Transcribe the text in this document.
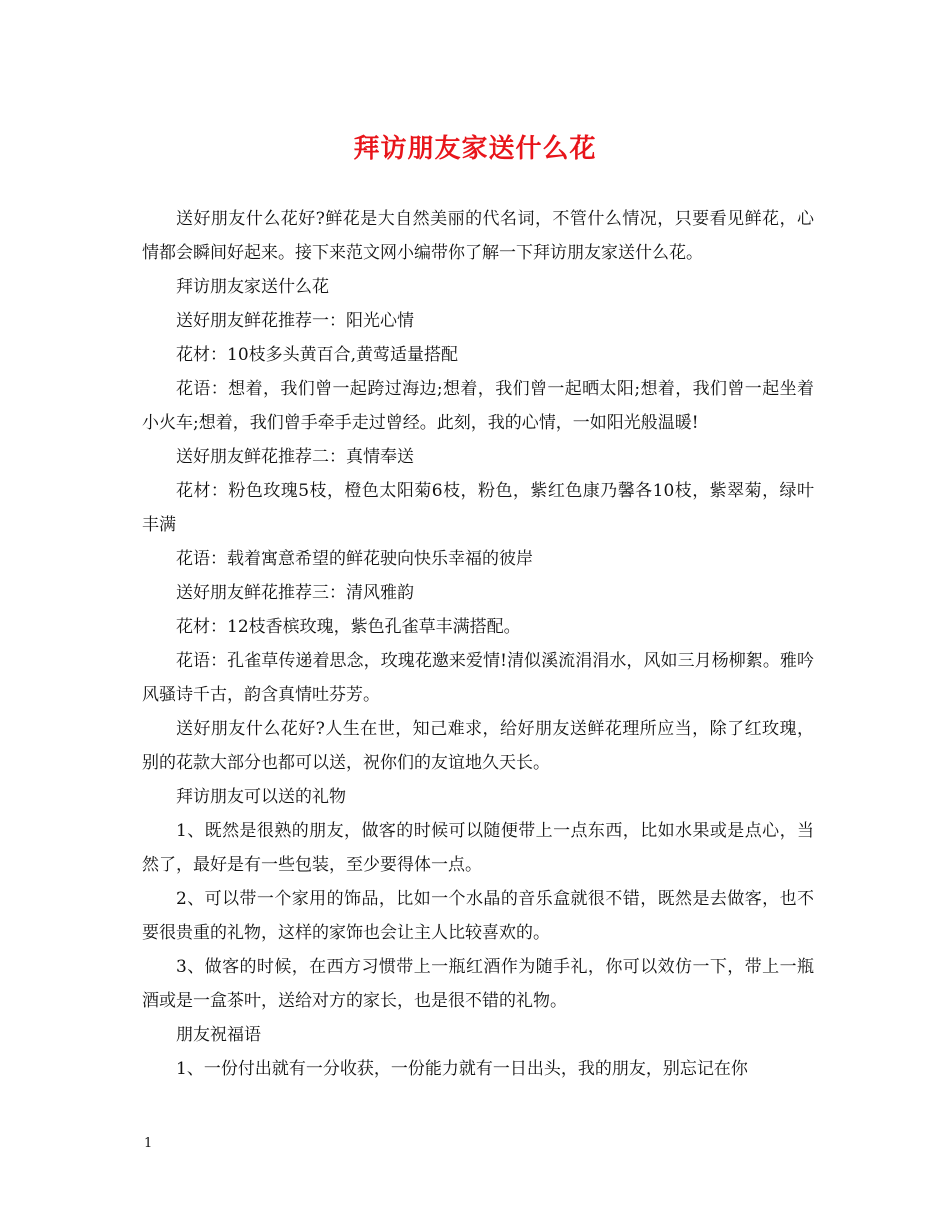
拜访朋友家送什么花

送好朋友什么花好?鲜花是大自然美丽的代名词，不管什么情况，只要看见鲜花，心情都会瞬间好起来。接下来范文网小编带你了解一下拜访朋友家送什么花。

拜访朋友家送什么花

送好朋友鲜花推荐一：阳光心情

花材：10枝多头黄百合,黄莺适量搭配

花语：想着，我们曾一起跨过海边;想着，我们曾一起晒太阳;想着，我们曾一起坐着小火车;想着，我们曾手牵手走过曾经。此刻，我的心情，一如阳光般温暖!

送好朋友鲜花推荐二：真情奉送

花材：粉色玫瑰5枝，橙色太阳菊6枝，粉色，紫红色康乃馨各10枝，紫翠菊，绿叶丰满

花语：载着寓意希望的鲜花驶向快乐幸福的彼岸

送好朋友鲜花推荐三：清风雅韵

花材：12枝香槟玫瑰，紫色孔雀草丰满搭配。

花语：孔雀草传递着思念，玫瑰花邀来爱情!清似溪流涓涓水，风如三月杨柳絮。雅吟风骚诗千古，韵含真情吐芬芳。

送好朋友什么花好?人生在世，知己难求，给好朋友送鲜花理所应当，除了红玫瑰，别的花款大部分也都可以送，祝你们的友谊地久天长。

拜访朋友可以送的礼物

1、既然是很熟的朋友，做客的时候可以随便带上一点东西，比如水果或是点心，当然了，最好是有一些包装，至少要得体一点。

2、可以带一个家用的饰品，比如一个水晶的音乐盒就很不错，既然是去做客，也不要很贵重的礼物，这样的家饰也会让主人比较喜欢的。

3、做客的时候，在西方习惯带上一瓶红酒作为随手礼，你可以效仿一下，带上一瓶酒或是一盒茶叶，送给对方的家长，也是很不错的礼物。

朋友祝福语

1、一份付出就有一分收获，一份能力就有一日出头，我的朋友，别忘记在你

1
